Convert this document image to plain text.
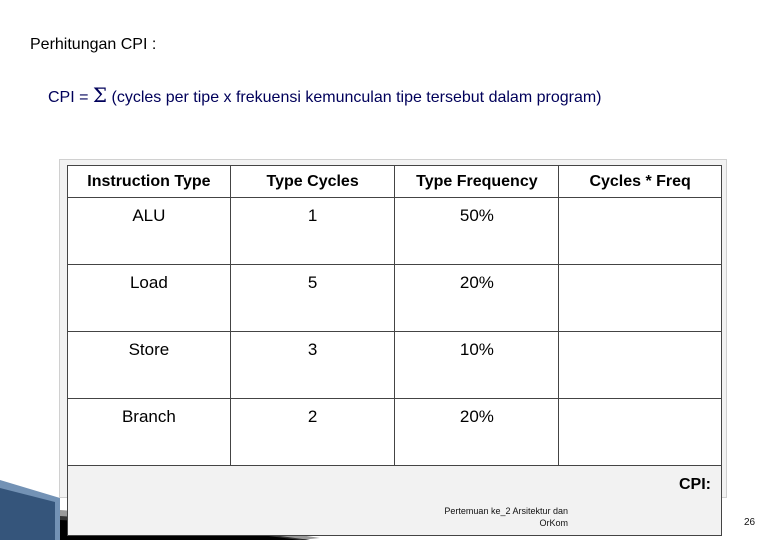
Perhitungan CPI :
CPI = Σ (cycles per tipe x frekuensi kemunculan tipe tersebut dalam program)
Instruction Type	Type Cycles	Type Frequency	Cycles * Freq
ALU	1	50%	
Load	5	20%	
Store	3	10%	
Branch	2	20%	
CPI:			
Pertemuan ke_2 Arsitektur dan
OrKom	26
